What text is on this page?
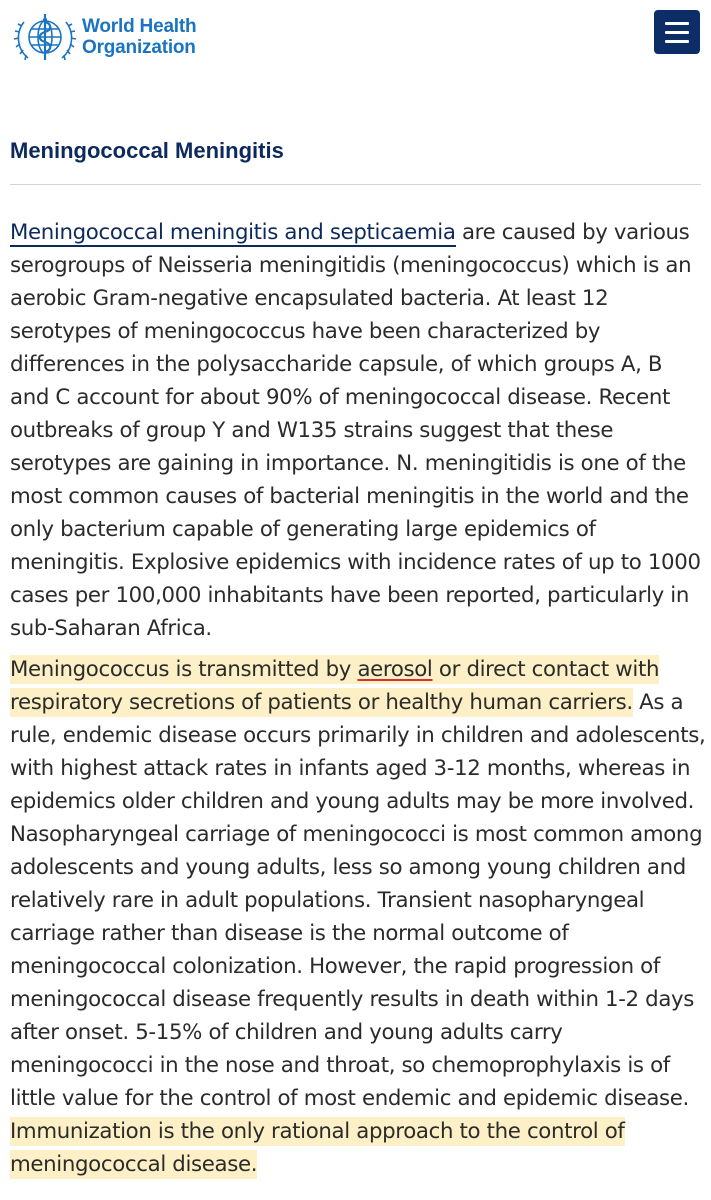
World Health
Organization
Meningococcal Meningitis

Meningococcal meningitis and septicaemia are caused by various serogroups of Neisseria meningitidis (meningococcus) which is an aerobic Gram-negative encapsulated bacteria. At least 12 serotypes of meningococcus have been characterized by differences in the polysaccharide capsule, of which groups A, B and C account for about 90% of meningococcal disease. Recent outbreaks of group Y and W135 strains suggest that these serotypes are gaining in importance. N. meningitidis is one of the most common causes of bacterial meningitis in the world and the only bacterium capable of generating large epidemics of meningitis. Explosive epidemics with incidence rates of up to 1000 cases per 100,000 inhabitants have been reported, particularly in sub-Saharan Africa.

Meningococcus is transmitted by aerosol or direct contact with respiratory secretions of patients or healthy human carriers. As a rule, endemic disease occurs primarily in children and adolescents, with highest attack rates in infants aged 3-12 months, whereas in epidemics older children and young adults may be more involved. Nasopharyngeal carriage of meningococci is most common among adolescents and young adults, less so among young children and relatively rare in adult populations. Transient nasopharyngeal carriage rather than disease is the normal outcome of meningococcal colonization. However, the rapid progression of meningococcal disease frequently results in death within 1-2 days after onset. 5-15% of children and young adults carry meningococci in the nose and throat, so chemoprophylaxis is of little value for the control of most endemic and epidemic disease. Immunization is the only rational approach to the control of meningococcal disease.
